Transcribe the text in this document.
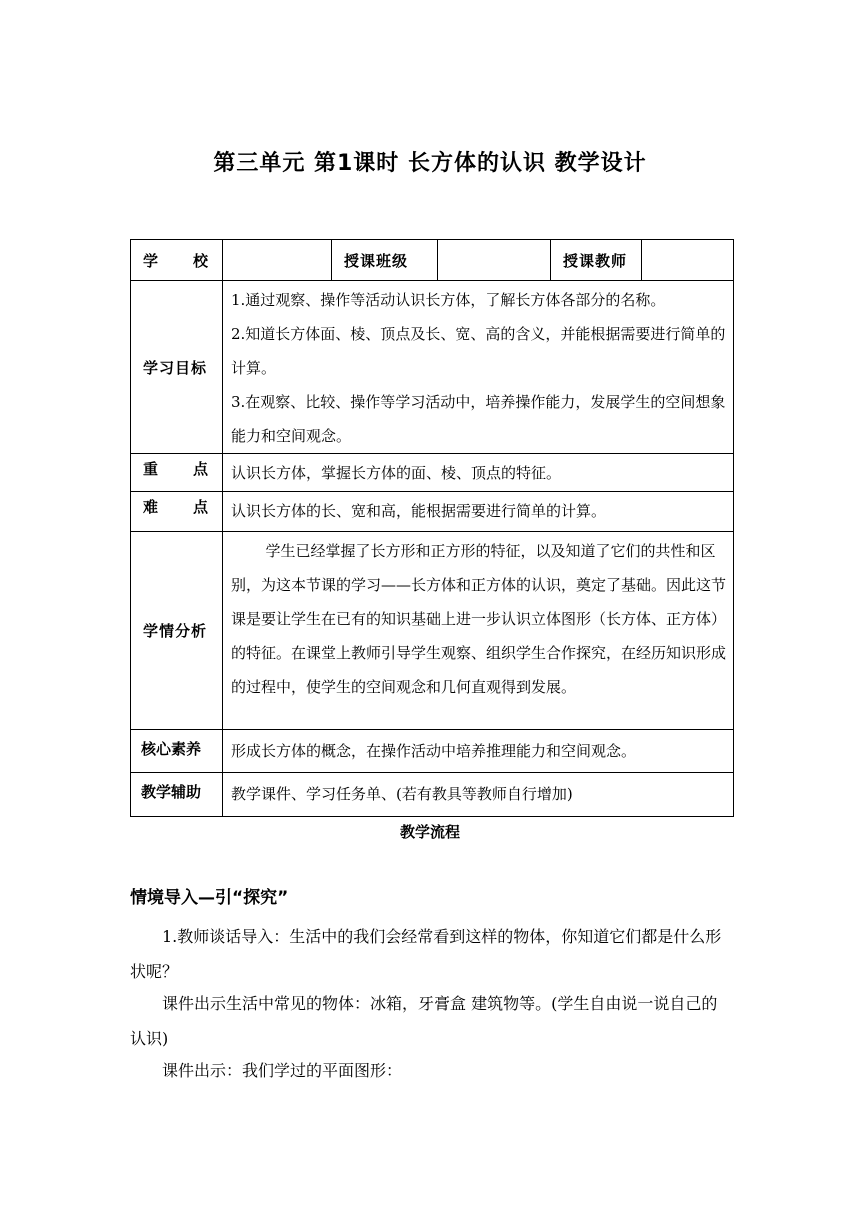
第三单元 第1课时 长方体的认识 教学设计
学 校		授课班级		授课教师	

学习目标	1.通过观察、操作等活动认识长方体，了解长方体各部分的名称。

2.知道长方体面、棱、顶点及长、宽、高的含义，并能根据需要进行简单的计算。

3.在观察、比较、操作等学习活动中，培养操作能力，发展学生的空间想象能力和空间观念。				

重 点	认识长方体，掌握长方体的面、棱、顶点的特征。				

难 点	认识长方体的长、宽和高，能根据需要进行简单的计算。				

学情分析	学生已经掌握了长方形和正方形的特征，以及知道了它们的共性和区别，为这本节课的学习——长方体和正方体的认识，奠定了基础。因此这节课是要让学生在已有的知识基础上进一步认识立体图形（长方体、正方体）的特征。在课堂上教师引导学生观察、组织学生合作探究，在经历知识形成的过程中，使学生的空间观念和几何直观得到发展。				

核心素养	形成长方体的概念，在操作活动中培养推理能力和空间观念。				

教学辅助	教学课件、学习任务单、(若有教具等教师自行增加)				
教学流程
情境导入—引“探究”

1.教师谈话导入：生活中的我们会经常看到这样的物体，你知道它们都是什么形状呢？

课件出示生活中常见的物体：冰箱，牙膏盒 建筑物等。(学生自由说一说自己的认识)

课件出示：我们学过的平面图形：
